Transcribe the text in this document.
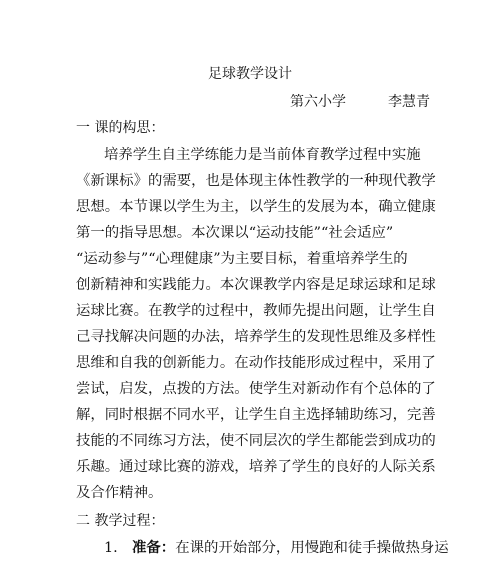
足球教学设计
第六小学	李慧青
一 课的构思：
培养学生自主学练能力是当前体育教学过程中实施
《新课标》的需要，也是体现主体性教学的一种现代教学
思想。本节课以学生为主，以学生的发展为本，确立健康
第一的指导思想。本次课以“运动技能”“社会适应”
“运动参与”“心理健康”为主要目标，着重培养学生的
创新精神和实践能力。本次课教学内容是足球运球和足球
运球比赛。在教学的过程中，教师先提出问题，让学生自
己寻找解决问题的办法，培养学生的发现性思维及多样性
思维和自我的创新能力。在动作技能形成过程中，采用了
尝试，启发，点拨的方法。使学生对新动作有个总体的了
解，同时根据不同水平，让学生自主选择辅助练习，完善
技能的不同练习方法，使不同层次的学生都能尝到成功的
乐趣。通过球比赛的游戏，培养了学生的良好的人际关系
及合作精神。
二 教学过程：
1. 准备：在课的开始部分，用慢跑和徒手操做热身运
